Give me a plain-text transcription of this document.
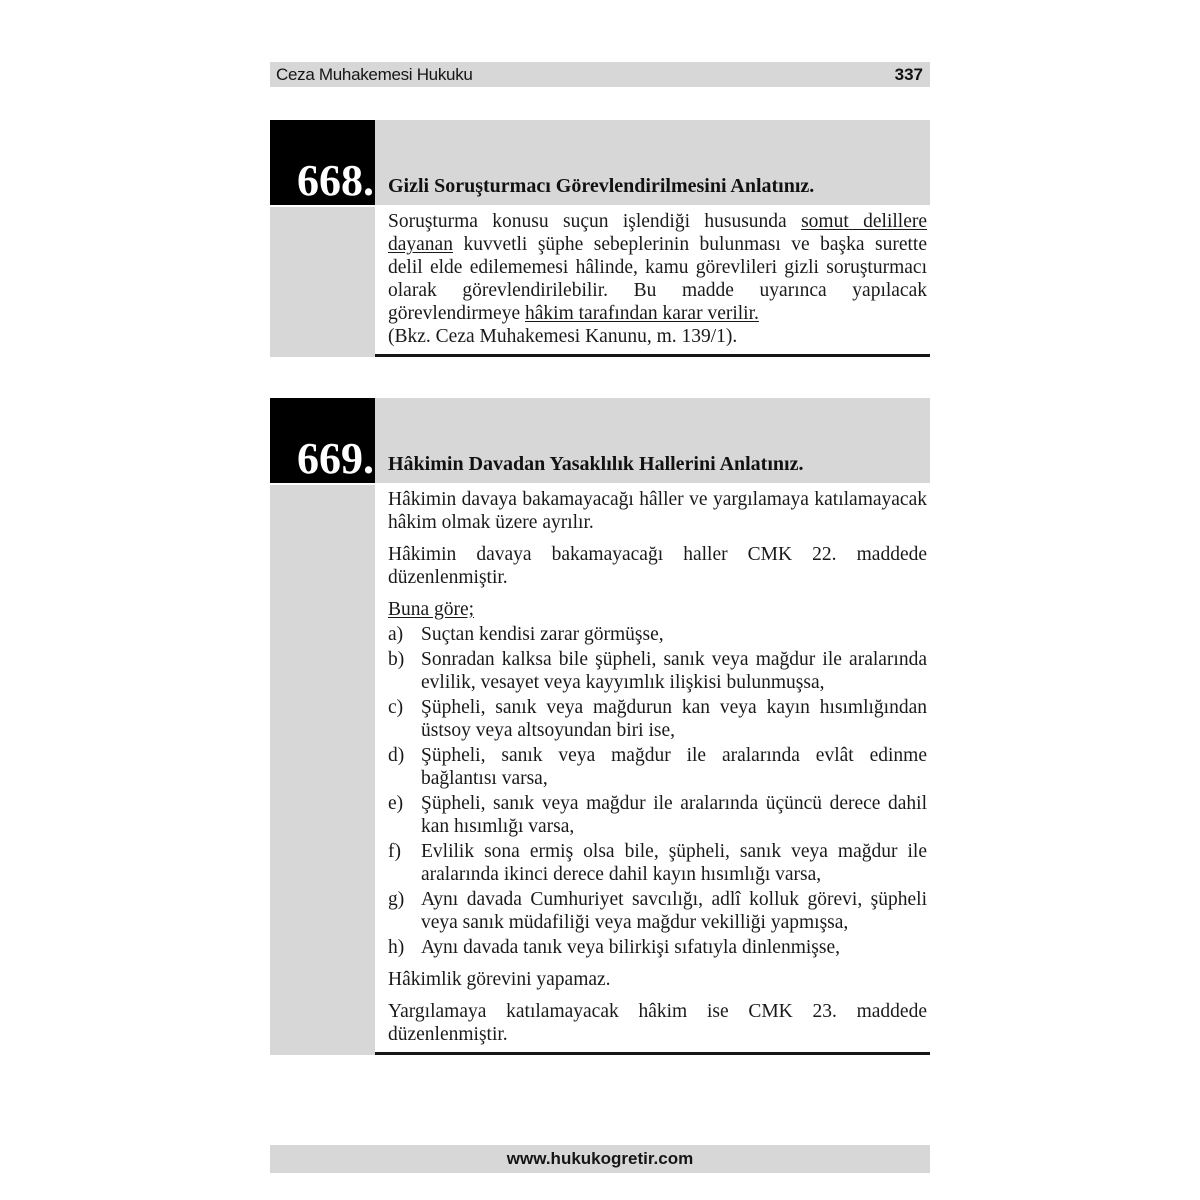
Ceza Muhakemesi Hukuku	337
668. Gizli Soruşturmacı Görevlendirilmesini Anlatınız.
Soruşturma konusu suçun işlendiği hususunda somut delillere dayanan kuvvetli şüphe sebeplerinin bulunması ve başka surette delil elde edilememesi hâlinde, kamu görevlileri gizli soruşturmacı olarak görevlendirilebilir. Bu madde uyarınca yapılacak görevlendirmeye hâkim tarafından karar verilir.
(Bkz. Ceza Muhakemesi Kanunu, m. 139/1).
669. Hâkimin Davadan Yasaklılık Hallerini Anlatınız.
Hâkimin davaya bakamayacağı hâller ve yargılamaya katılamayacak hâkim olmak üzere ayrılır.
Hâkimin davaya bakamayacağı haller CMK 22. maddede düzenlenmiştir.
Buna göre;
a) Suçtan kendisi zarar görmüşse,
b) Sonradan kalksa bile şüpheli, sanık veya mağdur ile aralarında evlilik, vesayet veya kayyımlık ilişkisi bulunmuşsa,
c) Şüpheli, sanık veya mağdurun kan veya kayın hısımlığından üstsoy veya altsoyundan biri ise,
d) Şüpheli, sanık veya mağdur ile aralarında evlât edinme bağlantısı varsa,
e) Şüpheli, sanık veya mağdur ile aralarında üçüncü derece dahil kan hısımlığı varsa,
f)	Evlilik sona ermiş olsa bile, şüpheli, sanık veya mağdur ile aralarında ikinci derece dahil kayın hısımlığı varsa,
g) Aynı davada Cumhuriyet savcılığı, adlî kolluk görevi, şüpheli veya sanık müdafiliği veya mağdur vekilliği yapmışsa,
h) Aynı davada tanık veya bilirkişi sıfatıyla dinlenmişse,
Hâkimlik görevini yapamaz.
Yargılamaya katılamayacak hâkim ise CMK 23. maddede düzenlenmiştir.
www.hukukogretir.com
